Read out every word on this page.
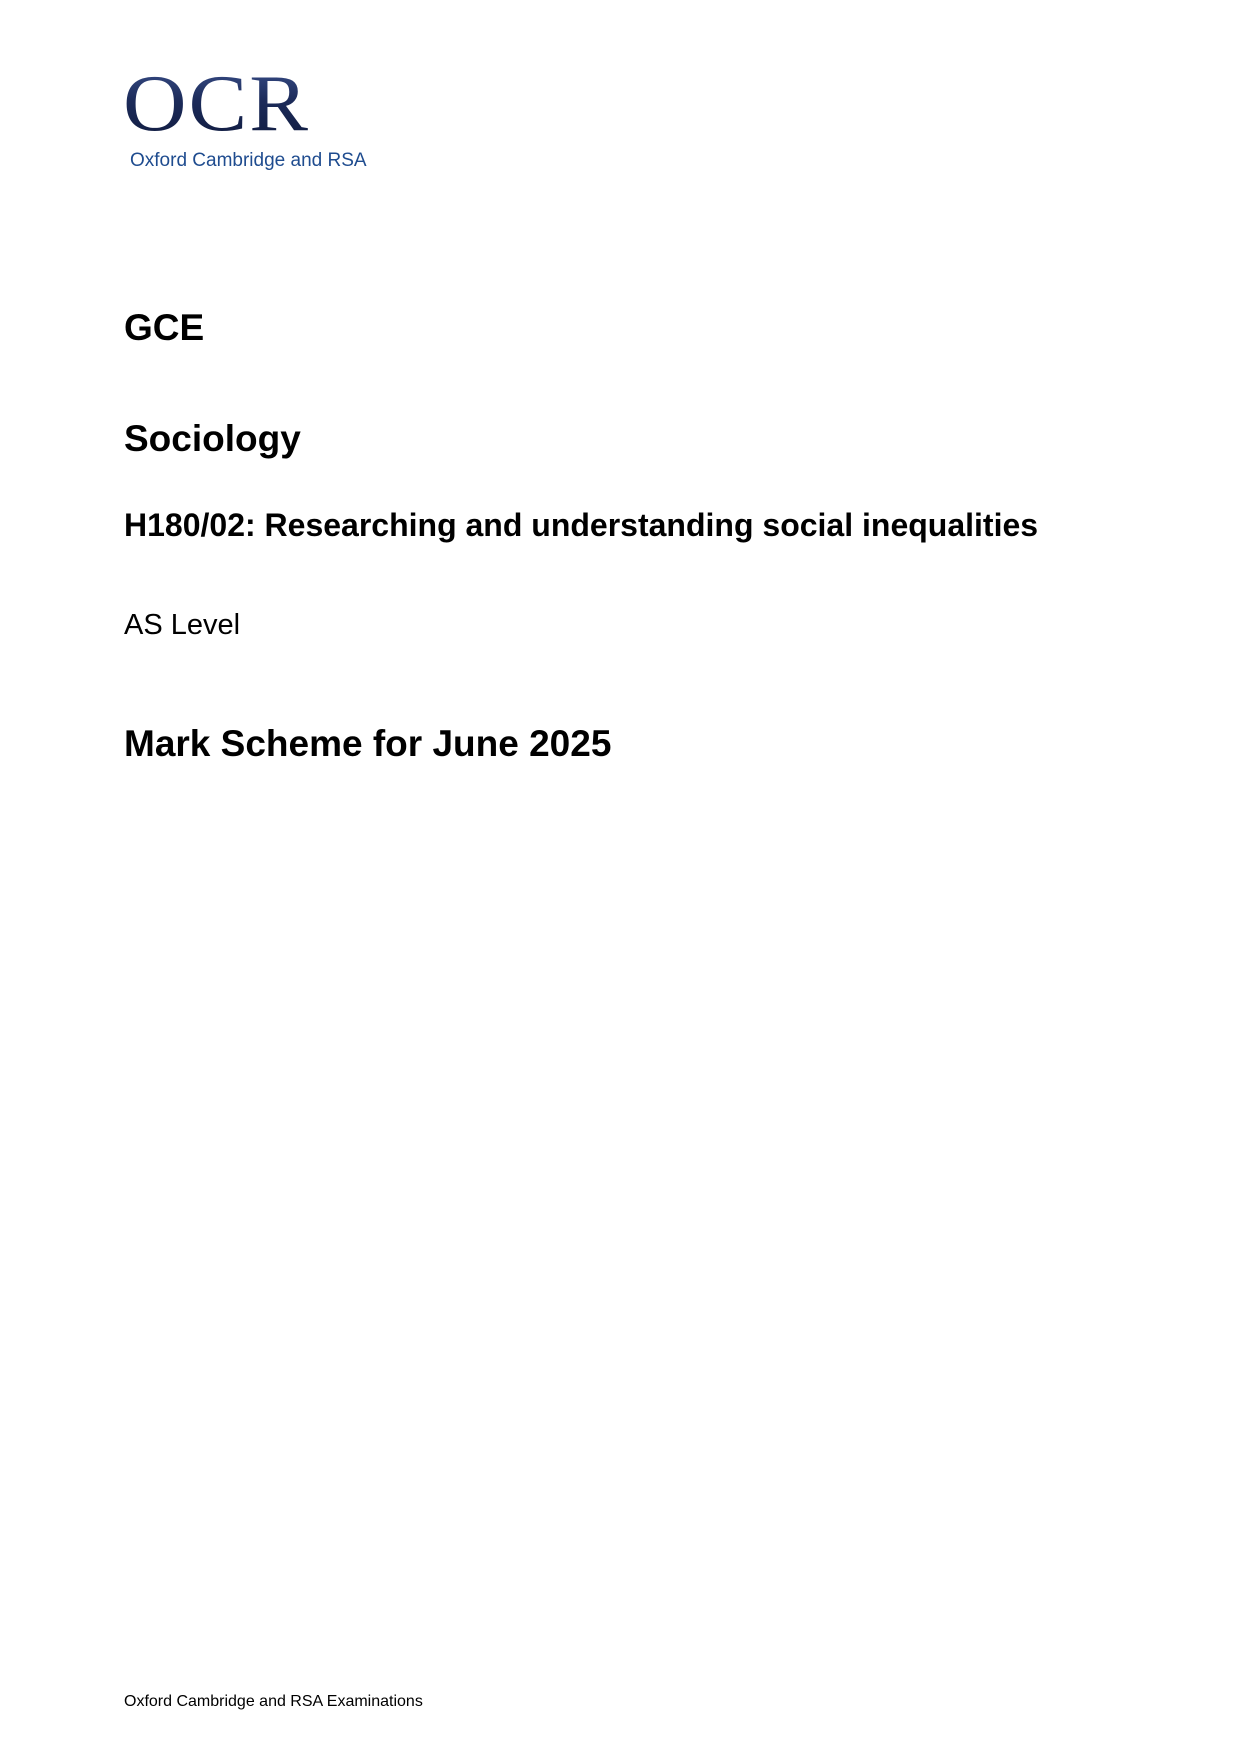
OCR
Oxford Cambridge and RSA
GCE
Sociology
H180/02: Researching and understanding social inequalities

AS Level

Mark Scheme for June 2025
Oxford Cambridge and RSA Examinations
